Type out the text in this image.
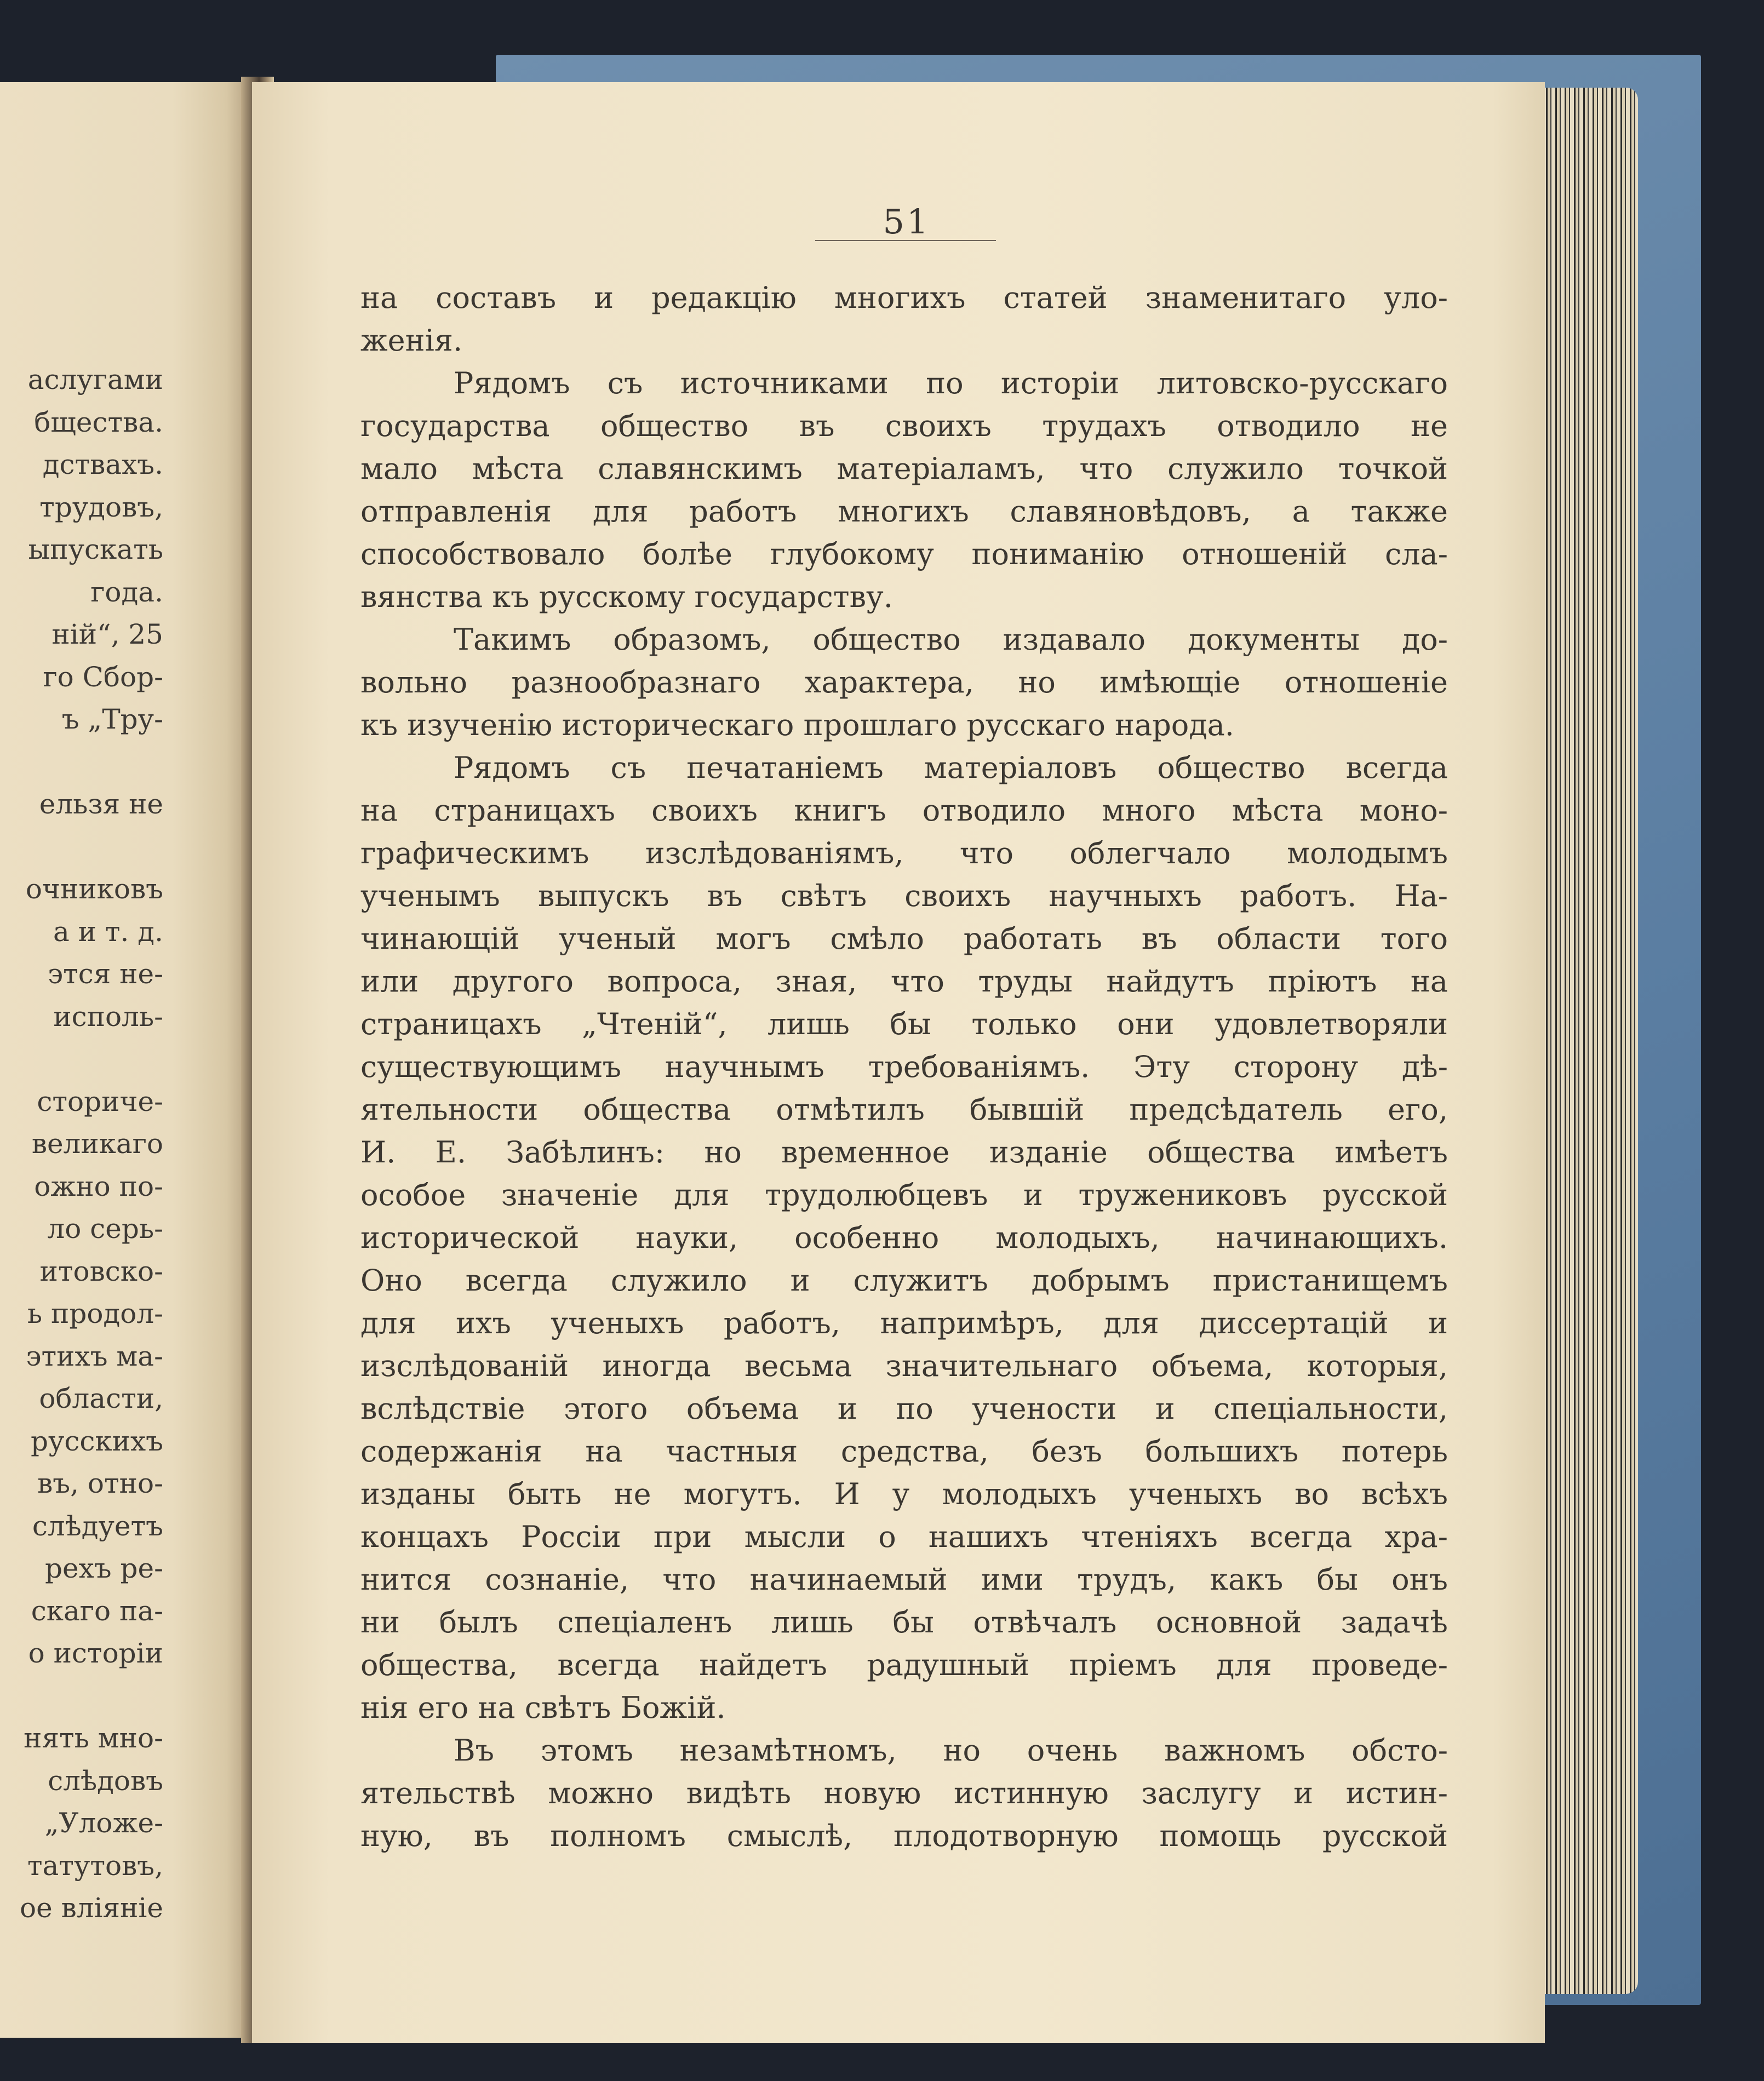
аслугами
бщества.
дствахъ.
трудовъ,
ыпускать
года.
ній“, 25
го Сбор-
ъ „Тру-
ельзя не
очниковъ
а и т. д.
этся не-
исполь-
сториче-
великаго
ожно по-
ло серь-
итовско-
ь продол-
этихъ ма-
области,
русскихъ
въ, отно-
слѣдуетъ
рехъ ре-
скаго па-
о исторіи
нять мно-
слѣдовъ
„Уложе-
татутовъ,
ое вліяніе
51
на составъ и редакцію многихъ статей знаменитаго уло-
женія.
Рядомъ съ источниками по исторіи литовско-русскаго
государства общество въ своихъ трудахъ отводило не
мало мѣста славянскимъ матеріаламъ, что служило точкой
отправленія для работъ многихъ славяновѣдовъ, а также
способствовало болѣе глубокому пониманію отношеній сла-
вянства къ русскому государству.
Такимъ образомъ, общество издавало документы до-
вольно разнообразнаго характера, но имѣющіе отношеніе
къ изученію историческаго прошлаго русскаго народа.
Рядомъ съ печатаніемъ матеріаловъ общество всегда
на страницахъ своихъ книгъ отводило много мѣста моно-
графическимъ изслѣдованіямъ, что облегчало молодымъ
ученымъ выпускъ въ свѣтъ своихъ научныхъ работъ. На-
чинающій ученый могъ смѣло работать въ области того
или другого вопроса, зная, что труды найдутъ пріютъ на
страницахъ „Чтеній“, лишь бы только они удовлетворяли
существующимъ научнымъ требованіямъ. Эту сторону дѣ-
ятельности общества отмѣтилъ бывшій предсѣдатель его,
И. Е. Забѣлинъ: но временное изданіе общества имѣетъ
особое значеніе для трудолюбцевъ и тружениковъ русской
исторической науки, особенно молодыхъ, начинающихъ.
Оно всегда служило и служитъ добрымъ пристанищемъ
для ихъ ученыхъ работъ, напримѣръ, для диссертацій и
изслѣдованій иногда весьма значительнаго объема, которыя,
вслѣдствіе этого объема и по учености и спеціальности,
содержанія на частныя средства, безъ большихъ потерь
изданы быть не могутъ. И у молодыхъ ученыхъ во всѣхъ
концахъ Россіи при мысли о нашихъ чтеніяхъ всегда хра-
нится сознаніе, что начинаемый ими трудъ, какъ бы онъ
ни былъ спеціаленъ лишь бы отвѣчалъ основной задачѣ
общества, всегда найдетъ радушный пріемъ для проведе-
нія его на свѣтъ Божій.
Въ этомъ незамѣтномъ, но очень важномъ обсто-
ятельствѣ можно видѣть новую истинную заслугу и истин-
ную, въ полномъ смыслѣ, плодотворную помощь русской
